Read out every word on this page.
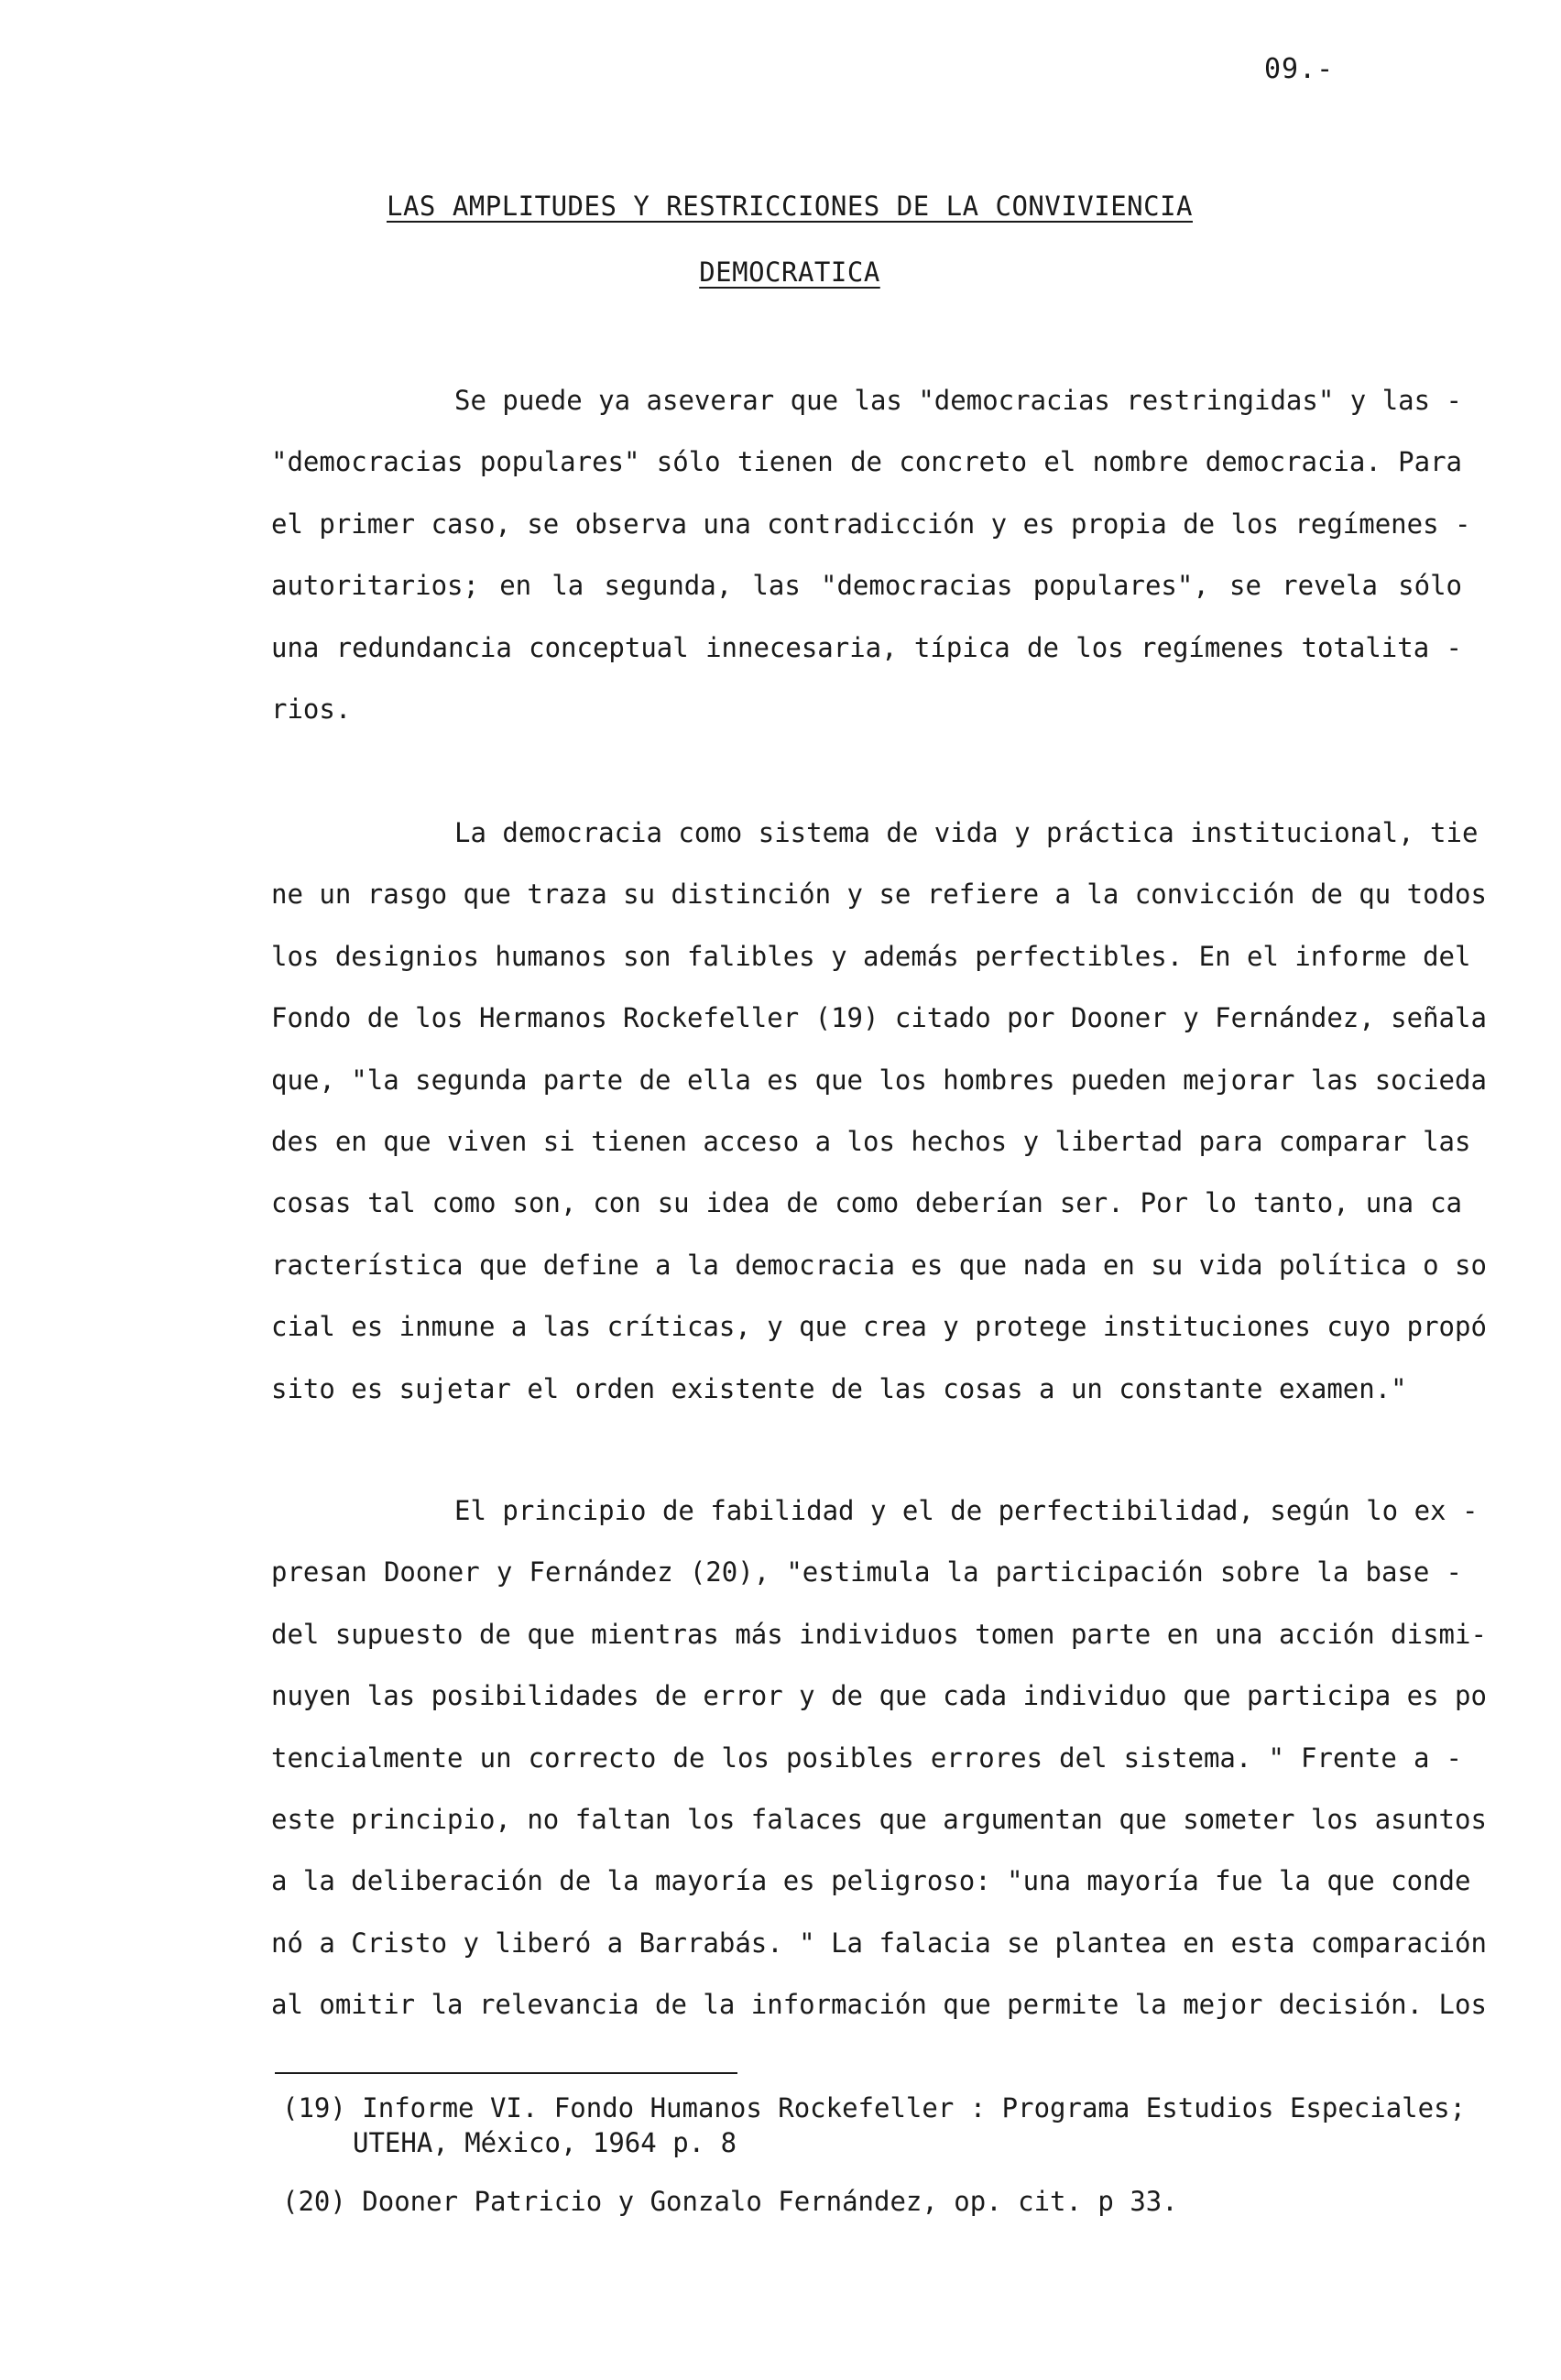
09.-
LAS AMPLITUDES Y RESTRICCIONES DE LA CONVIVIENCIA
DEMOCRATICA
Se puede ya aseverar que las "democracias restringidas" y las -
"democracias populares" sólo tienen de concreto el nombre democracia. Para
el primer caso, se observa una contradicción y es propia de los regímenes -
autoritarios; en la segunda, las "democracias populares", se revela sólo
una redundancia conceptual innecesaria, típica de los regímenes totalita -
rios.
La democracia como sistema de vida y práctica institucional, tie
ne un rasgo que traza su distinción y se refiere a la convicción de qu todos
los designios humanos son falibles y además perfectibles. En el informe del
Fondo de los Hermanos Rockefeller (19) citado por Dooner y Fernández, señala
que, "la segunda parte de ella es que los hombres pueden mejorar las socieda
des en que viven si tienen acceso a los hechos y libertad para comparar las
cosas tal como son, con su idea de como deberían ser. Por lo tanto, una ca
racterística que define a la democracia es que nada en su vida política o so
cial es inmune a las críticas, y que crea y protege instituciones cuyo propó
sito es sujetar el orden existente de las cosas a un constante examen."
El principio de fabilidad y el de perfectibilidad, según lo ex -
presan Dooner y Fernández (20), "estimula la participación sobre la base -
del supuesto de que mientras más individuos tomen parte en una acción dismi-
nuyen las posibilidades de error y de que cada individuo que participa es po
tencialmente un correcto de los posibles errores del sistema. " Frente a -
este principio, no faltan los falaces que argumentan que someter los asuntos
a la deliberación de la mayoría es peligroso: "una mayoría fue la que conde
nó a Cristo y liberó a Barrabás. " La falacia se plantea en esta comparación
al omitir la relevancia de la información que permite la mejor decisión. Los
(19) Informe VI. Fondo Humanos Rockefeller : Programa Estudios Especiales;
UTEHA, México, 1964 p. 8
(20) Dooner Patricio y Gonzalo Fernández, op. cit. p 33.
